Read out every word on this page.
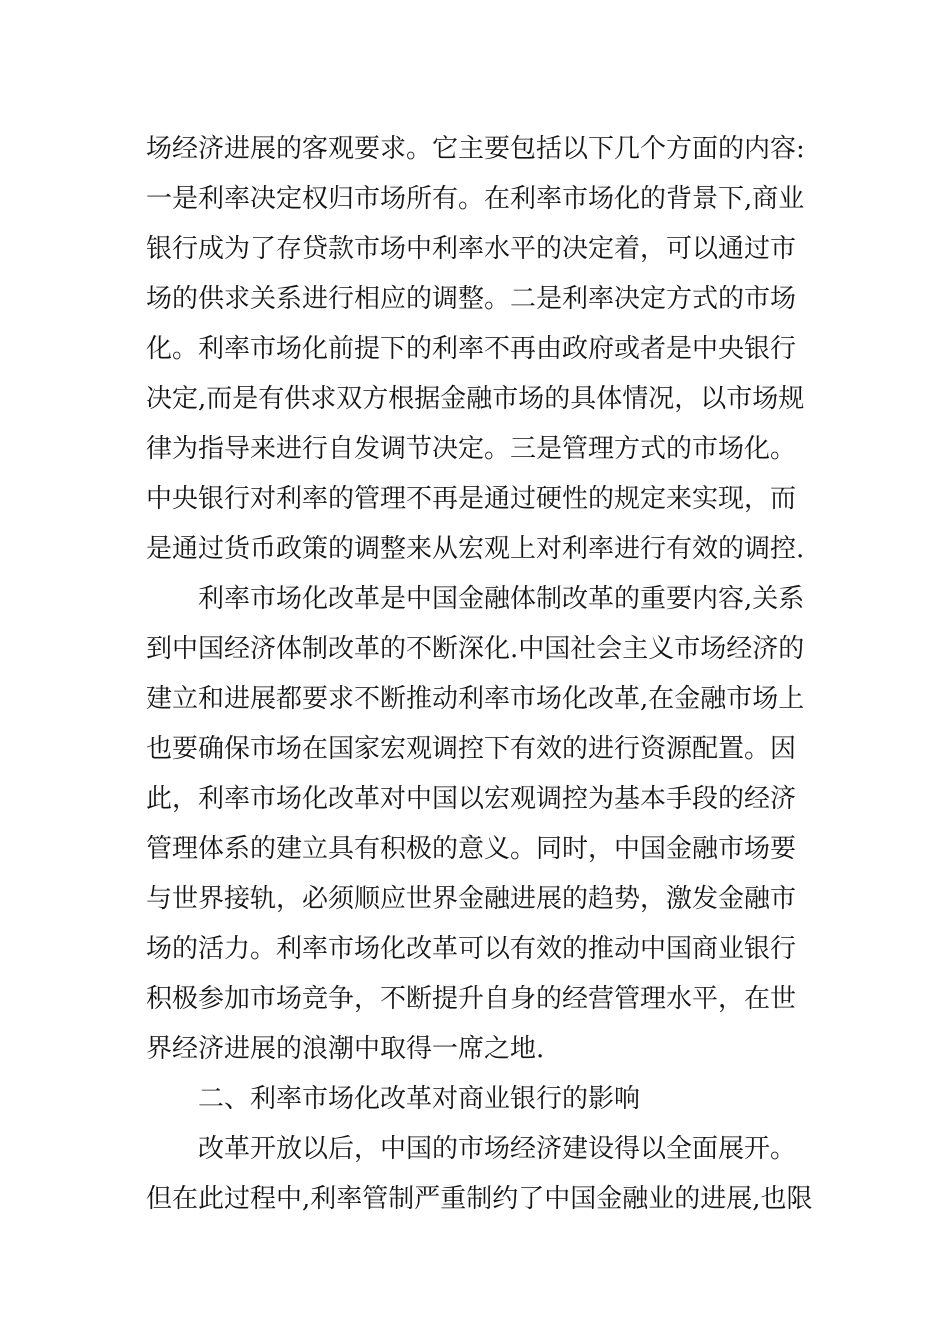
场经济进展的客观要求。它主要包括以下几个方面的内容:
一是利率决定权归市场所有。在利率市场化的背景下,商业
银行成为了存贷款市场中利率水平的决定着，可以通过市
场的供求关系进行相应的调整。二是利率决定方式的市场
化。利率市场化前提下的利率不再由政府或者是中央银行
决定,而是有供求双方根据金融市场的具体情况，以市场规
律为指导来进行自发调节决定。三是管理方式的市场化。
中央银行对利率的管理不再是通过硬性的规定来实现，而
是通过货币政策的调整来从宏观上对利率进行有效的调控.
利率市场化改革是中国金融体制改革的重要内容,关系
到中国经济体制改革的不断深化.中国社会主义市场经济的
建立和进展都要求不断推动利率市场化改革,在金融市场上
也要确保市场在国家宏观调控下有效的进行资源配置。因
此，利率市场化改革对中国以宏观调控为基本手段的经济
管理体系的建立具有积极的意义。同时，中国金融市场要
与世界接轨，必须顺应世界金融进展的趋势，激发金融市
场的活力。利率市场化改革可以有效的推动中国商业银行
积极参加市场竞争，不断提升自身的经营管理水平，在世
界经济进展的浪潮中取得一席之地.
二、利率市场化改革对商业银行的影响
改革开放以后，中国的市场经济建设得以全面展开。
但在此过程中,利率管制严重制约了中国金融业的进展,也限
